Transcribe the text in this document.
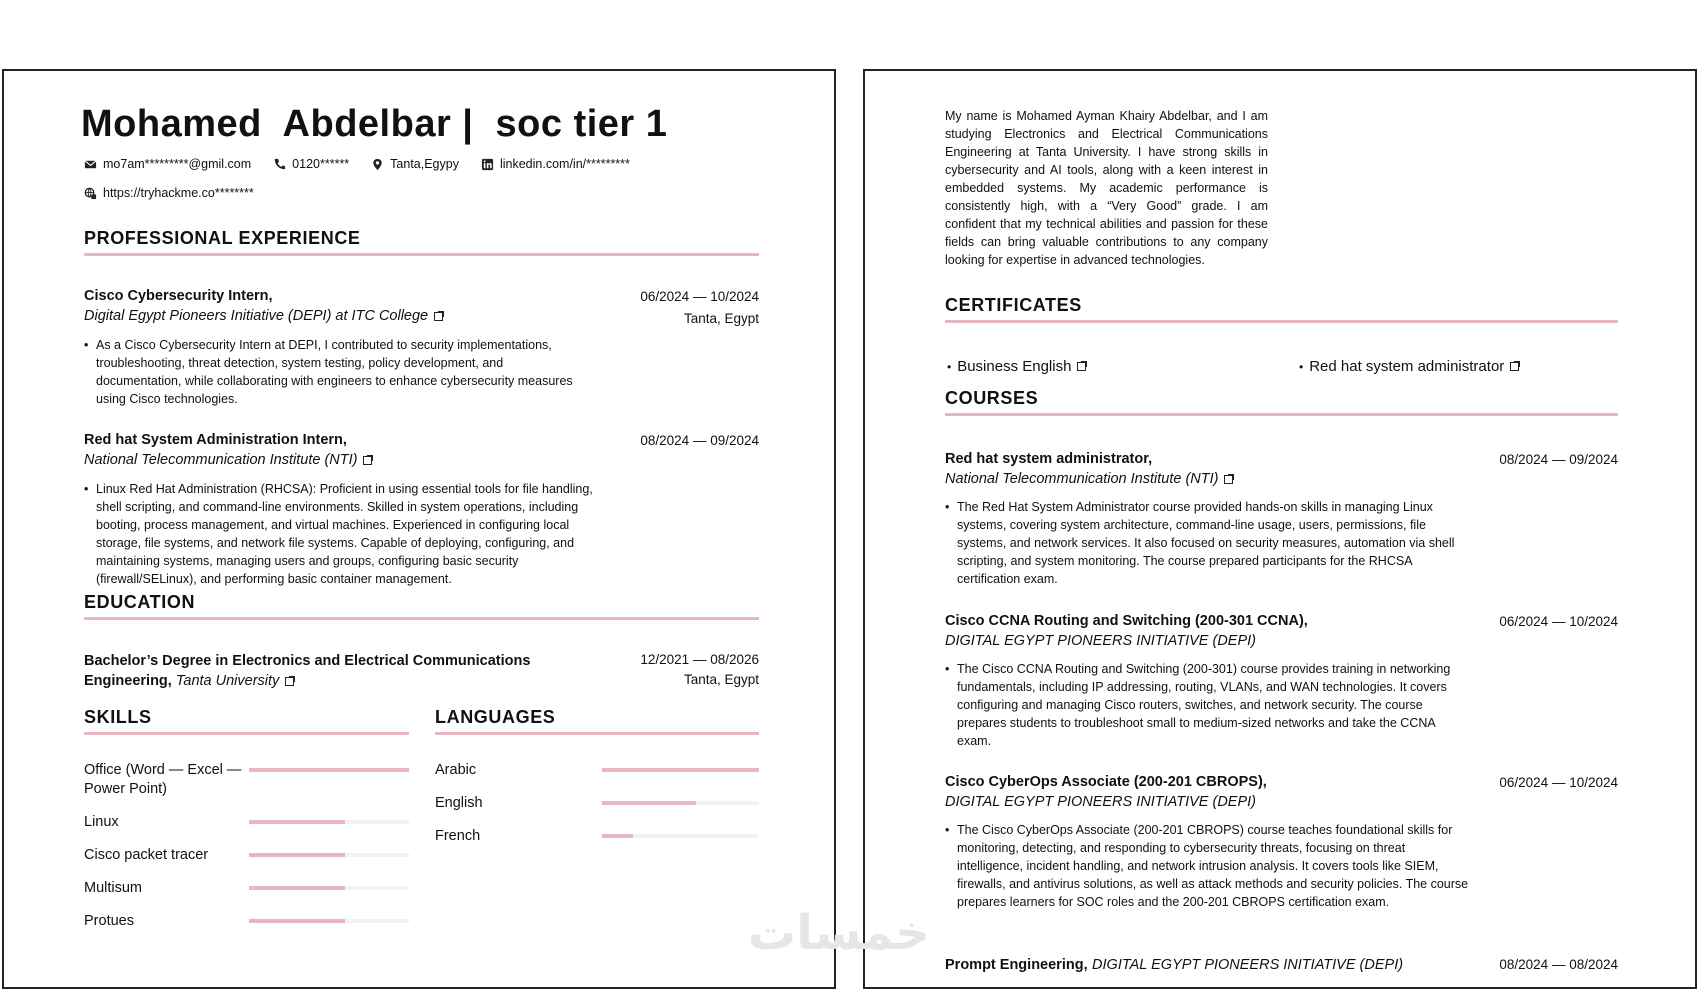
Mohamed  Abdelbar |  soc tier 1
mo7am*********@gmil.com	0120******	Tanta,Egypy	linkedin.com/in/*********
https://tryhackme.co********
PROFESSIONAL EXPERIENCE
Cisco Cybersecurity Intern,	06/2024 — 10/2024
Digital Egypt Pioneers Initiative (DEPI) at ITC College	Tanta, Egypt
• As a Cisco Cybersecurity Intern at DEPI, I contributed to security implementations, troubleshooting, threat detection, system testing, policy development, and documentation, while collaborating with engineers to enhance cybersecurity measures using Cisco technologies.
Red hat System Administration Intern,	08/2024 — 09/2024
National Telecommunication Institute (NTI)
• Linux Red Hat Administration (RHCSA): Proficient in using essential tools for file handling, shell scripting, and command-line environments. Skilled in system operations, including booting, process management, and virtual machines. Experienced in configuring local storage, file systems, and network file systems. Capable of deploying, configuring, and maintaining systems, managing users and groups, configuring basic security (firewall/SELinux), and performing basic container management.
EDUCATION
Bachelor’s Degree in Electronics and Electrical Communications Engineering, Tanta University
12/2021 — 08/2026
Tanta, Egypt
SKILLS
Office (Word — Excel — Power Point)
Linux
Cisco packet tracer
Multisum
Protues
LANGUAGES
Arabic
English
French
My name is Mohamed Ayman Khairy Abdelbar, and I am studying Electronics and Electrical Communications Engineering at Tanta University. I have strong skills in cybersecurity and AI tools, along with a keen interest in embedded systems. My academic performance is consistently high, with a “Very Good” grade. I am confident that my technical abilities and passion for these fields can bring valuable contributions to any company looking for expertise in advanced technologies.
CERTIFICATES
• Business English
•	Red hat system administrator
COURSES
Red hat system administrator,	08/2024 — 09/2024
National Telecommunication Institute (NTI)
• The Red Hat System Administrator course provided hands-on skills in managing Linux systems, covering system architecture, command-line usage, users, permissions, file systems, and network services. It also focused on security measures, automation via shell scripting, and system monitoring. The course prepared participants for the RHCSA certification exam.
Cisco CCNA Routing and Switching (200-301 CCNA),	06/2024 — 10/2024
DIGITAL EGYPT PIONEERS INITIATIVE (DEPI)
• The Cisco CCNA Routing and Switching (200-301) course provides training in networking fundamentals, including IP addressing, routing, VLANs, and WAN technologies. It covers configuring and managing Cisco routers, switches, and network security. The course prepares students to troubleshoot small to medium-sized networks and take the CCNA exam.
Cisco CyberOps Associate (200-201 CBROPS),	06/2024 — 10/2024
DIGITAL EGYPT PIONEERS INITIATIVE (DEPI)
• The Cisco CyberOps Associate (200-201 CBROPS) course teaches foundational skills for monitoring, detecting, and responding to cybersecurity threats, focusing on threat intelligence, incident handling, and network intrusion analysis. It covers tools like SIEM, firewalls, and antivirus solutions, as well as attack methods and security policies. The course prepares learners for SOC roles and the 200-201 CBROPS certification exam.
Prompt Engineering, DIGITAL EGYPT PIONEERS INITIATIVE (DEPI)	08/2024 — 08/2024
خمسات
